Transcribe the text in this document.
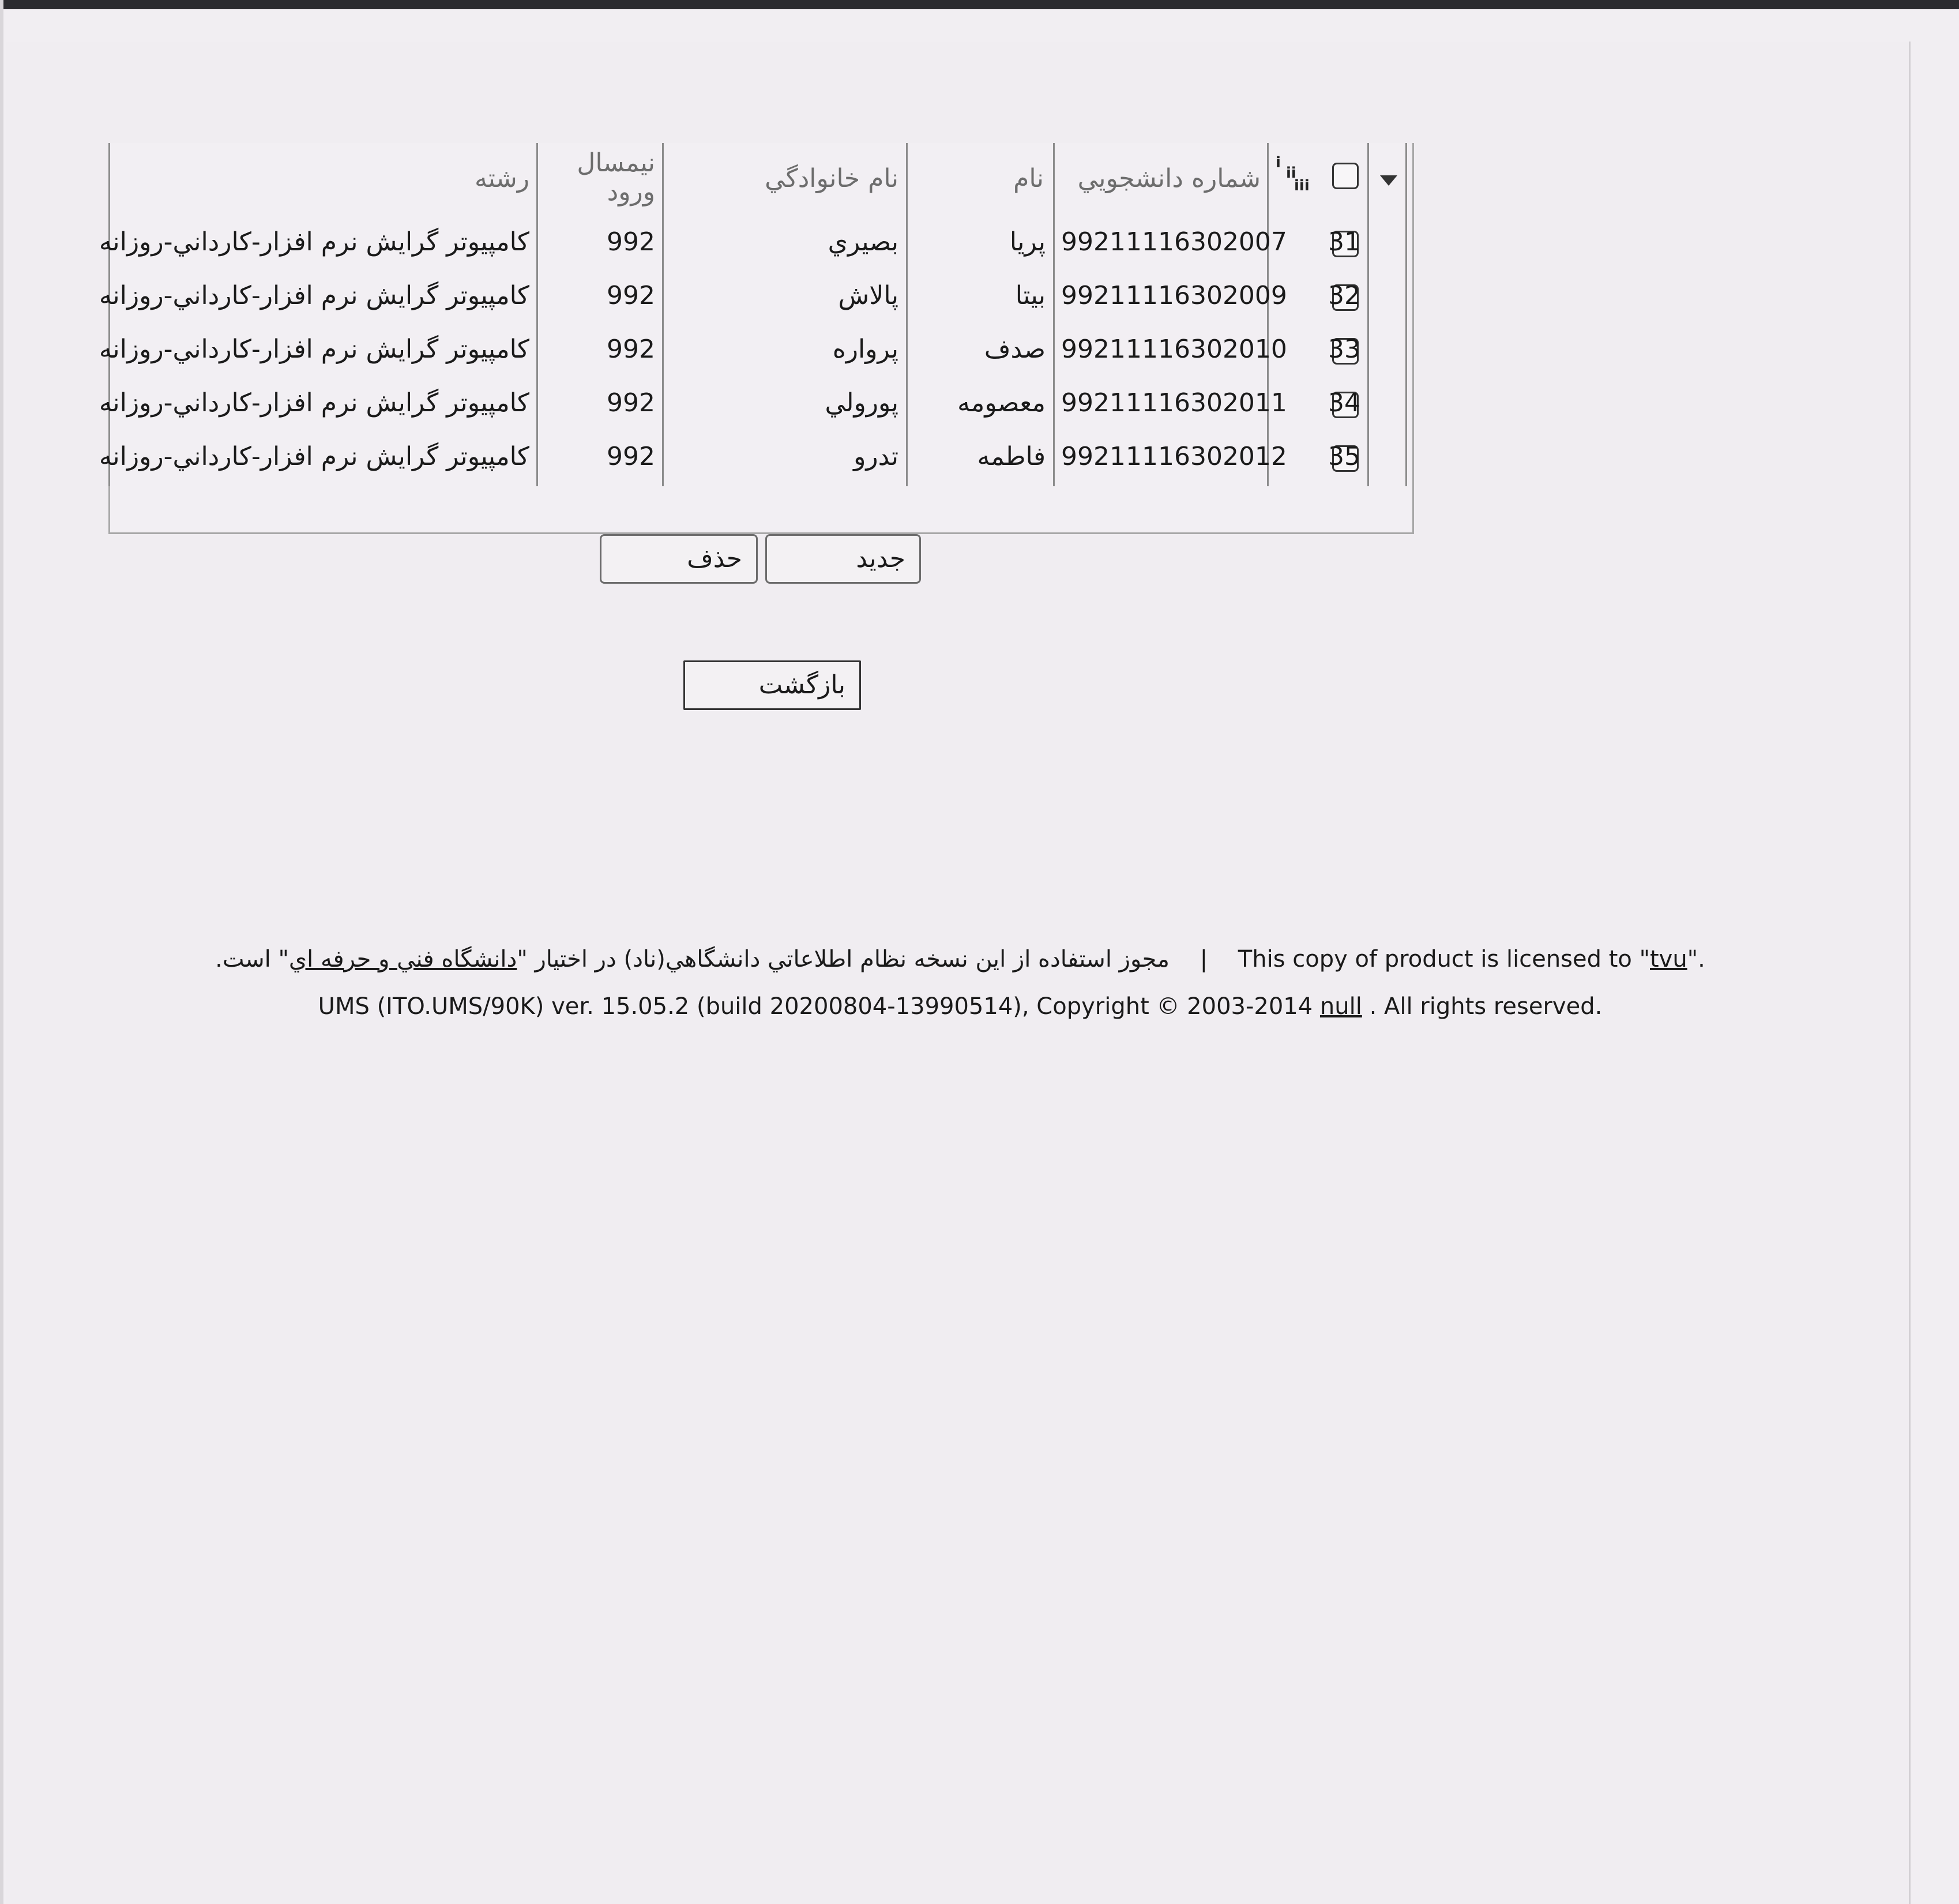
i
ii
iii
شماره دانشجويي
نام
نام خانوادگي
نيمسال
ورود
رشته
31
99211116302007
پريا
بصيري
992
كامپيوتر گرايش نرم افزار-كارداني-روزانه
32
99211116302009
بيتا
پالاش
992
كامپيوتر گرايش نرم افزار-كارداني-روزانه
33
99211116302010
صدف
پرواره
992
كامپيوتر گرايش نرم افزار-كارداني-روزانه
34
99211116302011
معصومه
پورولي
992
كامپيوتر گرايش نرم افزار-كارداني-روزانه
35
99211116302012
فاطمه
تدرو
992
كامپيوتر گرايش نرم افزار-كارداني-روزانه
جديد
حذف
بازگشت
مجوز استفاده از اين نسخه نظام اطلاعاتي دانشگاهي(ناد) در اختيار "دانشگاه فني و حرفه اي" است.	| This copy of product is licensed to "tvu".
UMS (ITO.UMS/90K) ver. 15.05.2 (build 20200804-13990514), Copyright © 2003-2014 null . All rights reserved.
